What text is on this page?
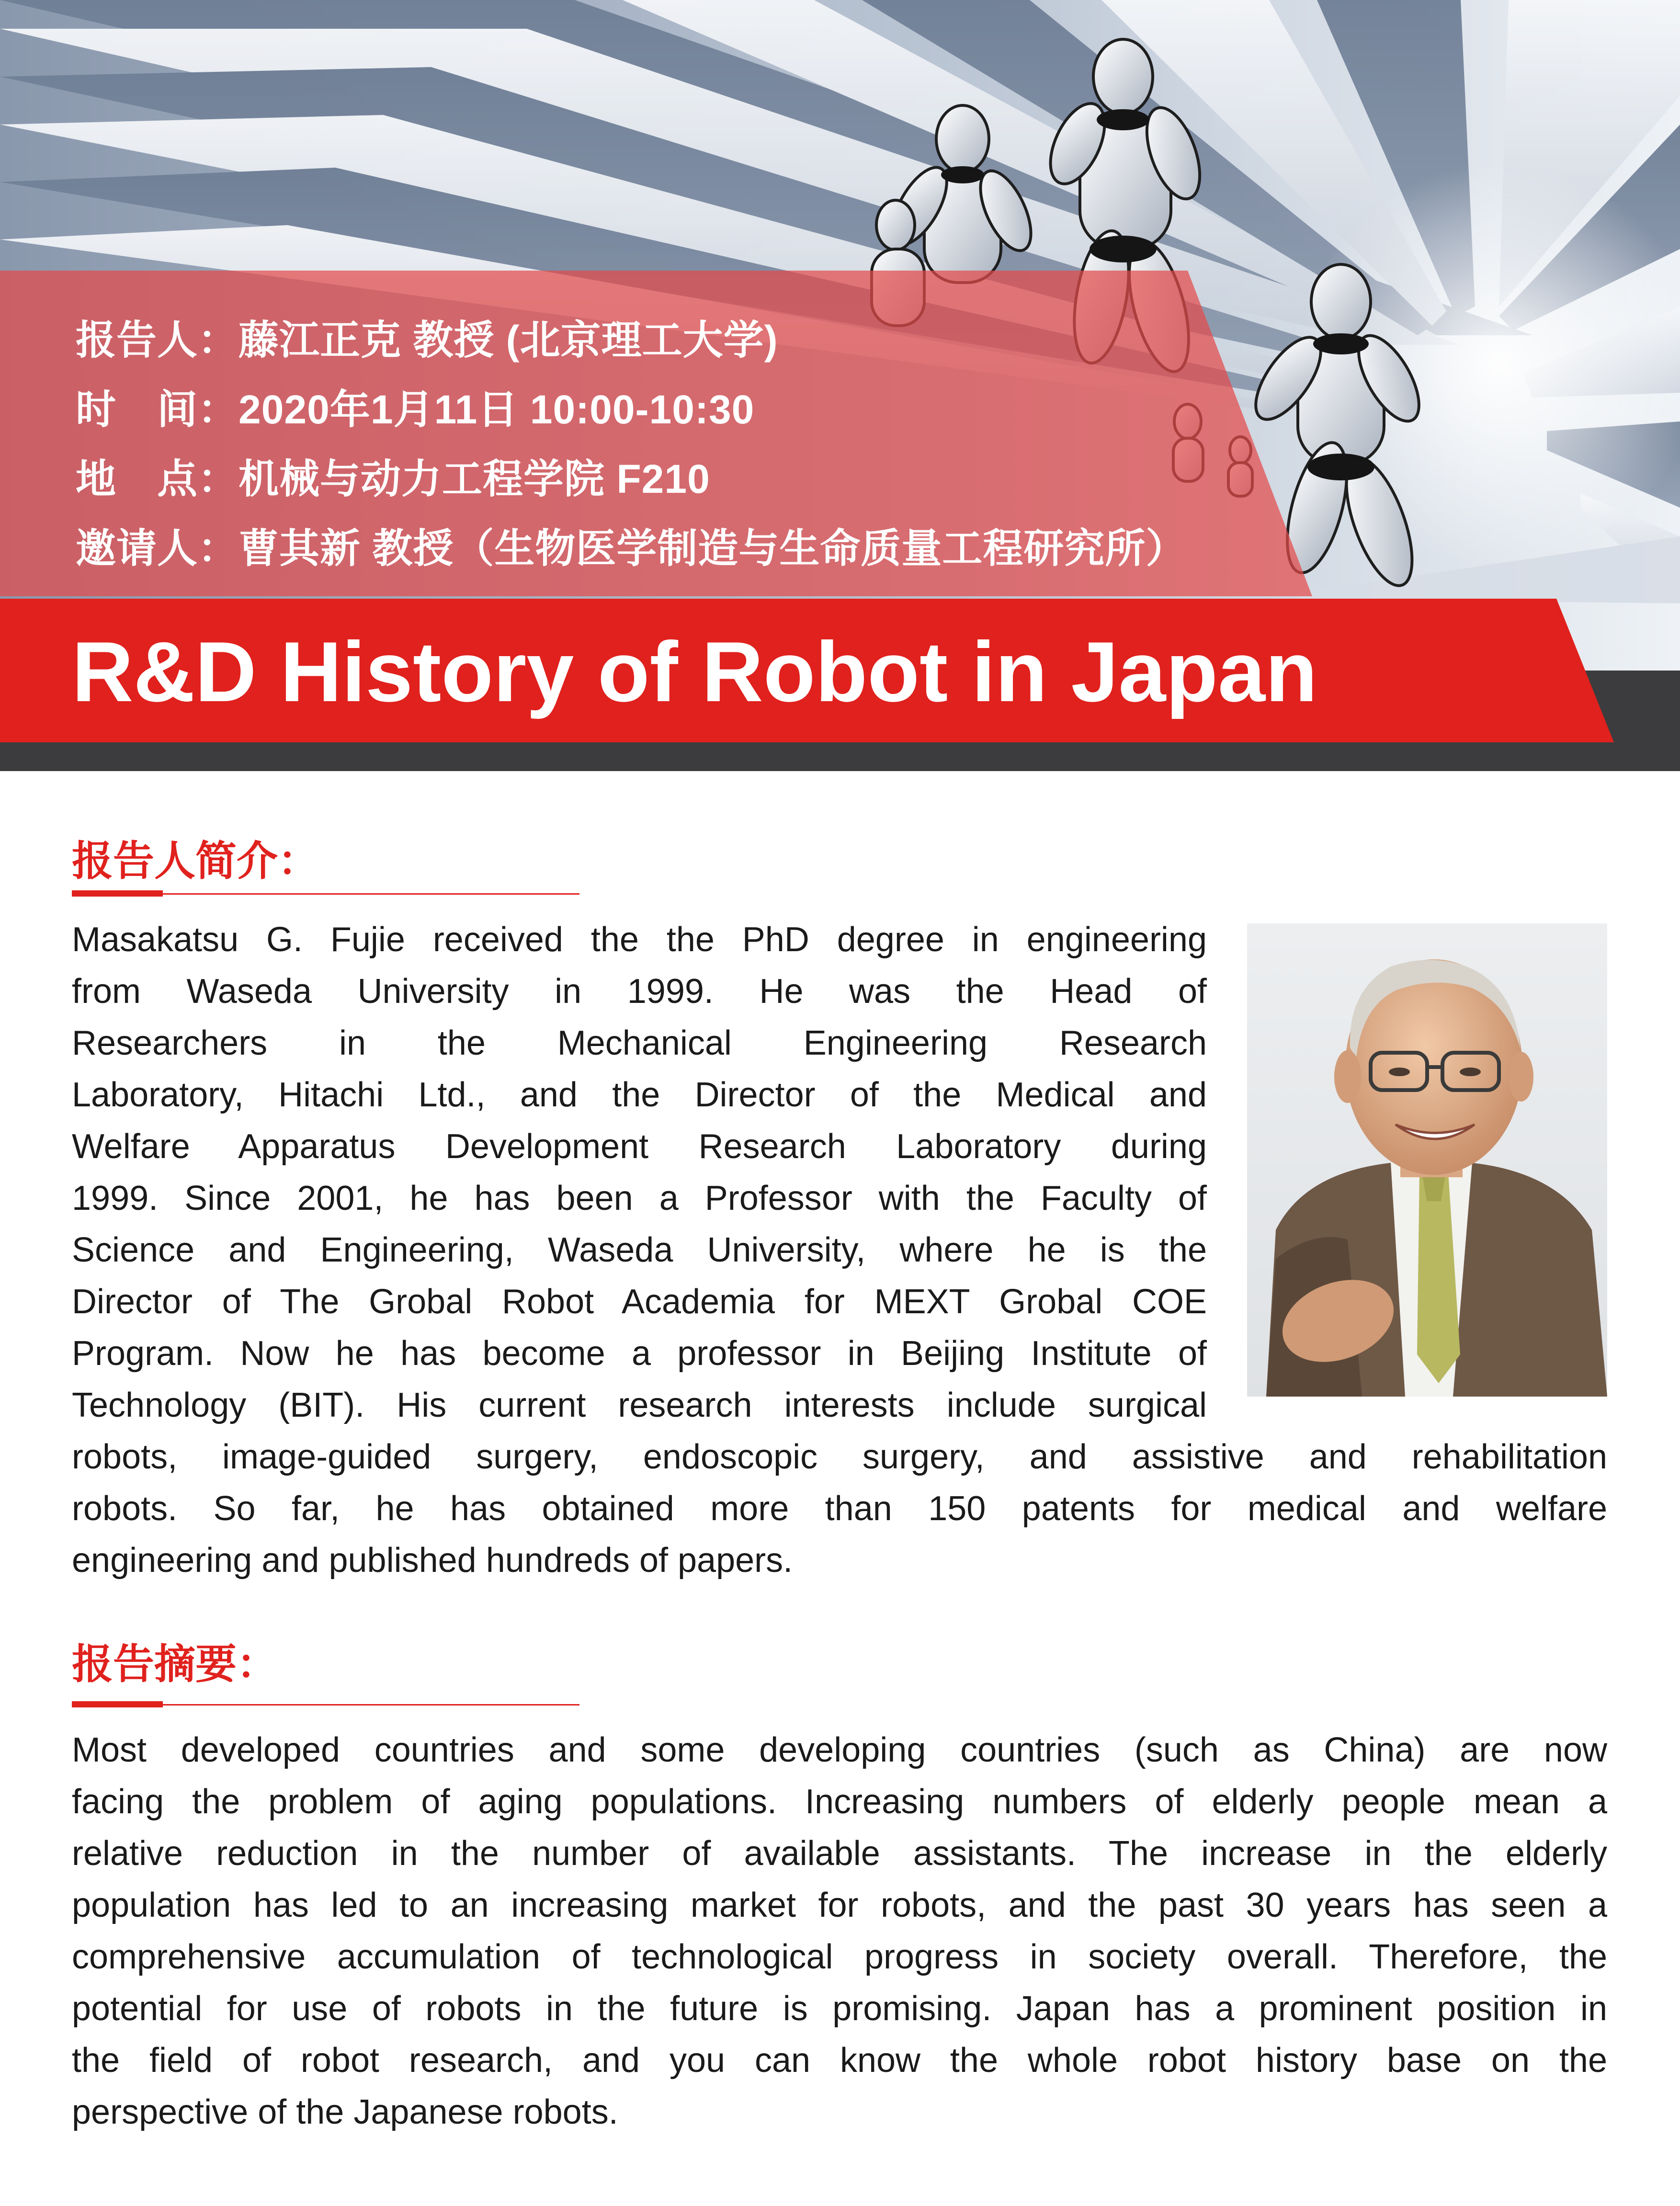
报告人：藤江正克 教授 (北京理工大学)
时　间：2020年1月11日 10:00-10:30
地　点：机械与动力工程学院 F210
邀请人：曹其新 教授（生物医学制造与生命质量工程研究所）
R&D History of Robot in Japan
报告人简介：
Masakatsu G. Fujie received the the PhD degree in engineering
from Waseda University in 1999. He was the Head of
Researchers in the Mechanical Engineering Research
Laboratory, Hitachi Ltd., and the Director of the Medical and
Welfare Apparatus Development Research Laboratory during
1999. Since 2001, he has been a Professor with the Faculty of
Science and Engineering, Waseda University, where he is the
Director of The Grobal Robot Academia for MEXT Grobal COE
Program. Now he has become a professor in Beijing Institute of
Technology (BIT). His current research interests include surgical
robots, image-guided surgery, endoscopic surgery, and assistive and rehabilitation
robots. So far, he has obtained more than 150 patents for medical and welfare
engineering and published hundreds of papers.
报告摘要：
Most developed countries and some developing countries (such as China) are now
facing the problem of aging populations. Increasing numbers of elderly people mean a
relative reduction in the number of available assistants. The increase in the elderly
population has led to an increasing market for robots, and the past 30 years has seen a
comprehensive accumulation of technological progress in society overall. Therefore, the
potential for use of robots in the future is promising. Japan has a prominent position in
the field of robot research, and you can know the whole robot history base on the
perspective of the Japanese robots.
